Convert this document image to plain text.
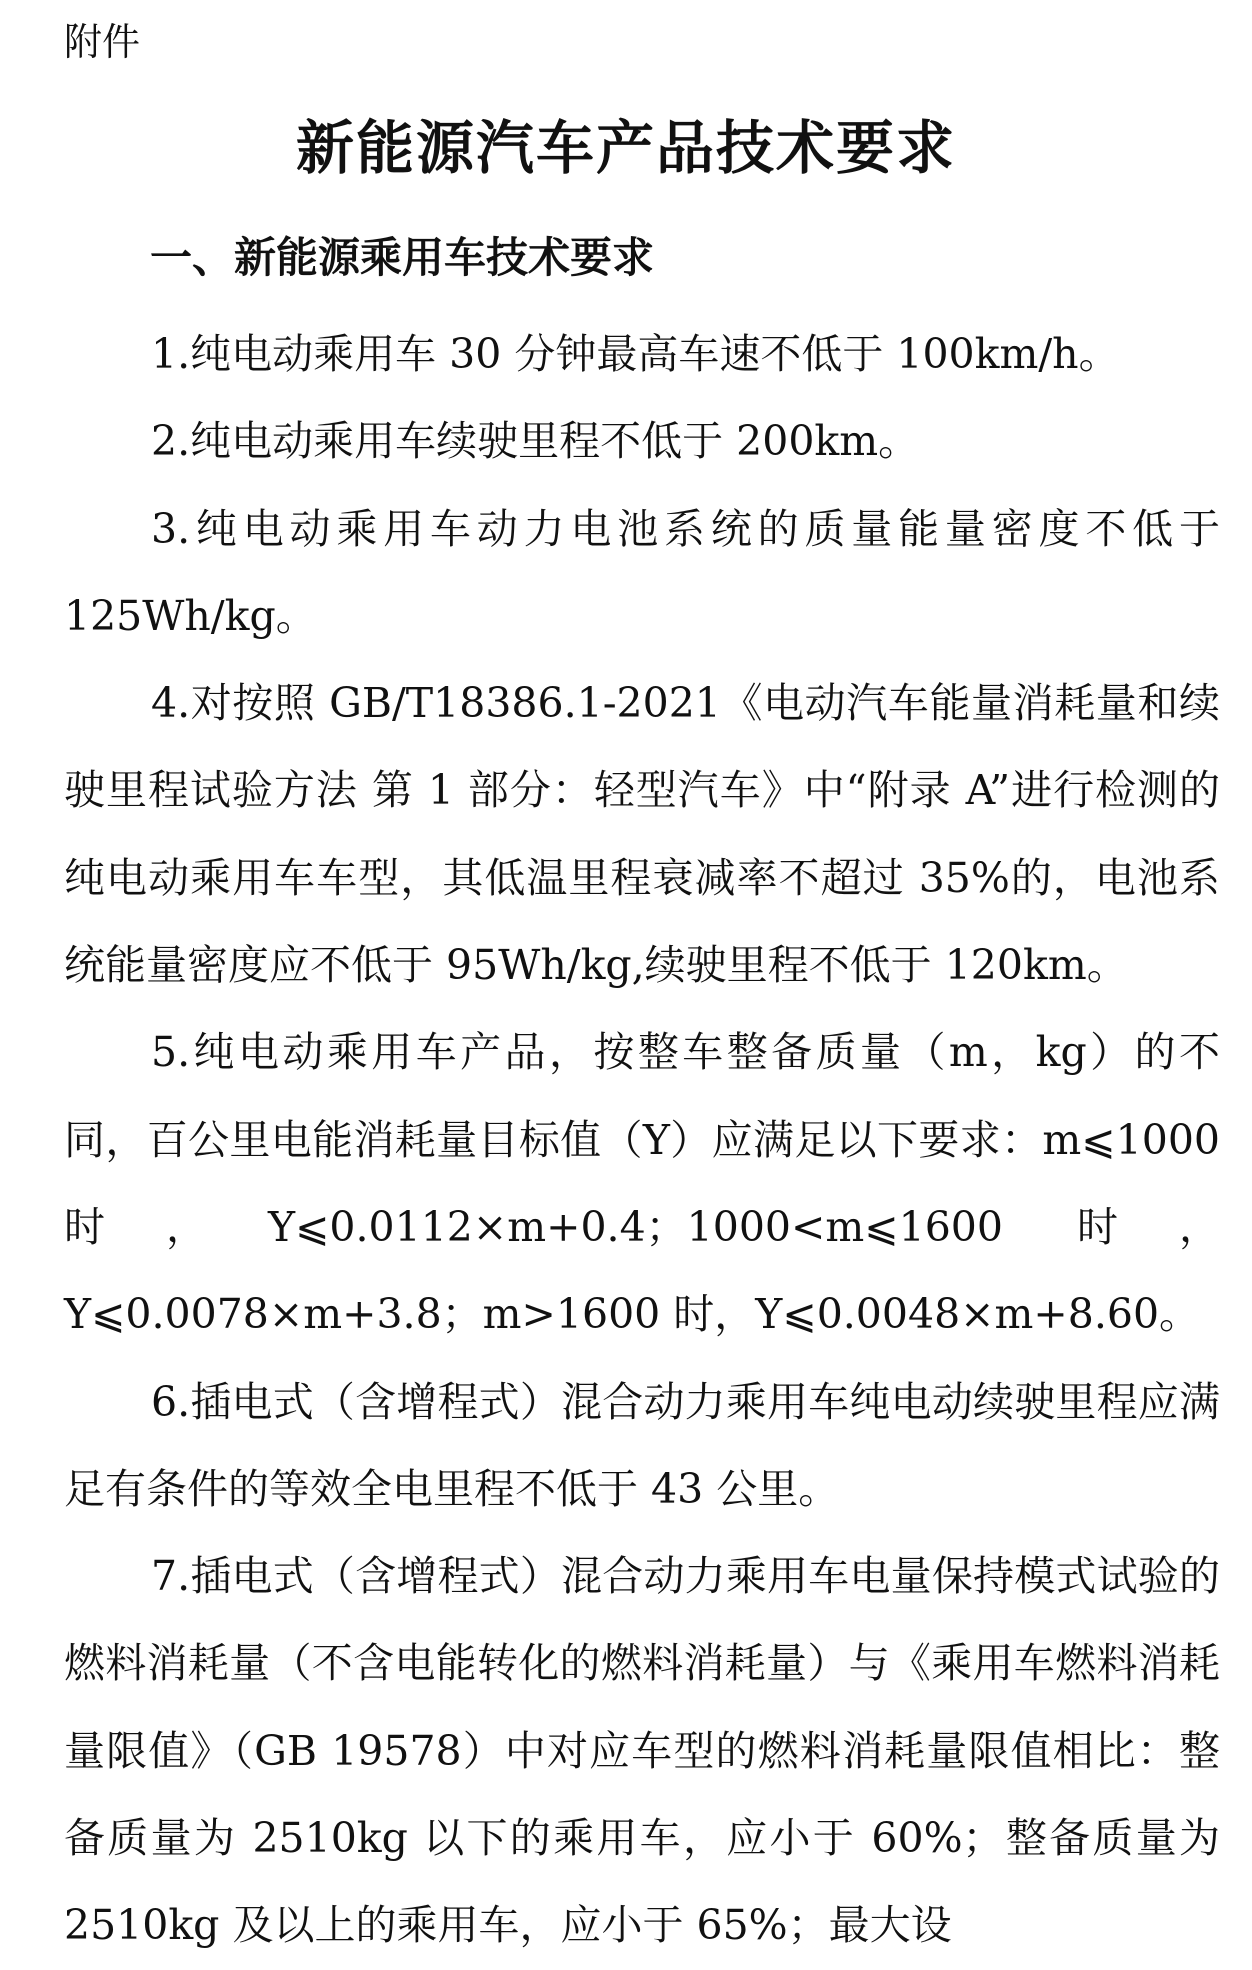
附件
新能源汽车产品技术要求
一、新能源乘用车技术要求

1.纯电动乘用车 30 分钟最高车速不低于 100km/h。

2.纯电动乘用车续驶里程不低于 200km。

3.纯电动乘用车动力电池系统的质量能量密度不低于 125Wh/kg。

4.对按照 GB/T18386.1-2021《电动汽车能量消耗量和续驶里程试验方法 第 1 部分：轻型汽车》中“附录 A”进行检测的纯电动乘用车车型，其低温里程衰减率不超过 35%的，电池系统能量密度应不低于 95Wh/kg,续驶里程不低于 120km。

5.纯电动乘用车产品，按整车整备质量（m，kg）的不同，百公里电能消耗量目标值（Y）应满足以下要求：m⩽1000 时，Y⩽0.0112×m+0.4；1000<m⩽1600 时，Y⩽0.0078×m+3.8；m>1600 时，Y⩽0.0048×m+8.60。

6.插电式（含增程式）混合动力乘用车纯电动续驶里程应满足有条件的等效全电里程不低于 43 公里。

7.插电式（含增程式）混合动力乘用车电量保持模式试验的燃料消耗量（不含电能转化的燃料消耗量）与《乘用车燃料消耗量限值》（GB 19578）中对应车型的燃料消耗量限值相比：整备质量为 2510kg 以下的乘用车，应小于 60%；整备质量为 2510kg 及以上的乘用车，应小于 65%；最大设
